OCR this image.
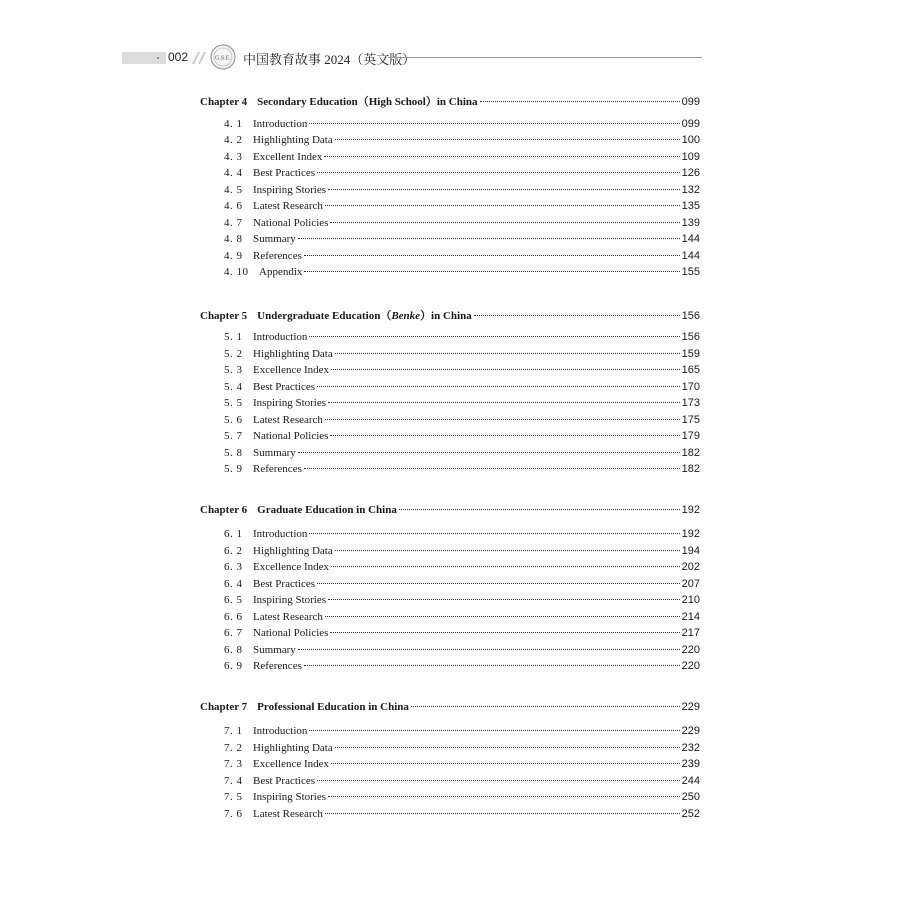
002	G.S.E. 中国教育故事 2024（英文版）
Chapter 4 Secondary Education（High School）in China	099
4. 1 Introduction	099
4. 2 Highlighting Data	100
4. 3 Excellent Index	109
4. 4 Best Practices	126
4. 5 Inspiring Stories	132
4. 6 Latest Research	135
4. 7 National Policies	139
4. 8 Summary	144
4. 9 References	144
4. 10 Appendix	155
Chapter 5 Undergraduate Education（Benke）in China	156
5. 1 Introduction	156
5. 2 Highlighting Data	159
5. 3 Excellence Index	165
5. 4 Best Practices	170
5. 5 Inspiring Stories	173
5. 6 Latest Research	175
5. 7 National Policies	179
5. 8 Summary	182
5. 9 References	182
Chapter 6 Graduate Education in China	192
6. 1 Introduction	192
6. 2 Highlighting Data	194
6. 3 Excellence Index	202
6. 4 Best Practices	207
6. 5 Inspiring Stories	210
6. 6 Latest Research	214
6. 7 National Policies	217
6. 8 Summary	220
6. 9 References	220
Chapter 7 Professional Education in China	229
7. 1 Introduction	229
7. 2 Highlighting Data	232
7. 3 Excellence Index	239
7. 4 Best Practices	244
7. 5 Inspiring Stories	250
7. 6 Latest Research	252
